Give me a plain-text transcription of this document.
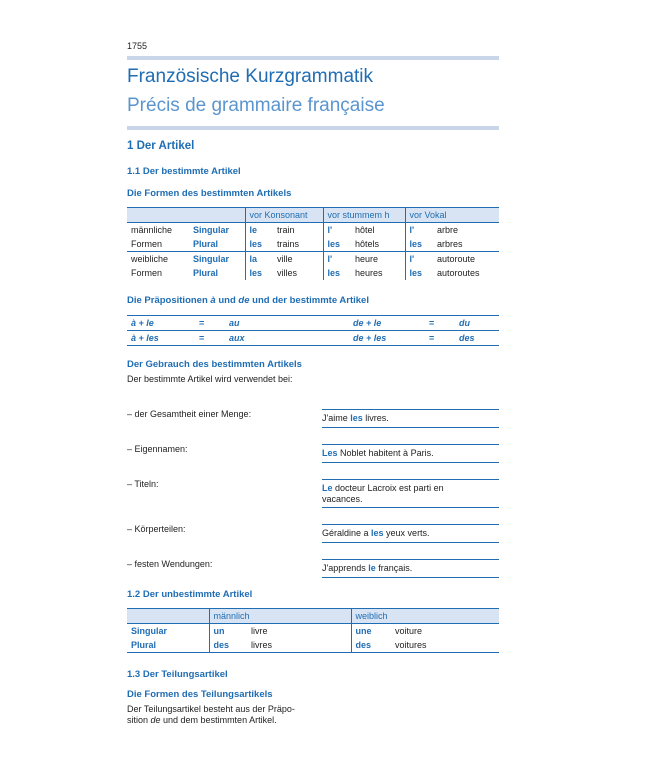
1755
Französische Kurzgrammatik
Précis de grammaire française
1 Der Artikel
1.1 Der bestimmte Artikel
Die Formen des bestimmten Artikels
		vor Konsonant		vor stummem h		vor Vokal	
männliche	Singular	le	train	l'	hôtel	l'	arbre
Formen	Plural	les	trains	les	hôtels	les	arbres
weibliche	Singular	la	ville	l'	heure	l'	autoroute
Formen	Plural	les	villes	les	heures	les	autoroutes
Die Präpositionen à und de und der bestimmte Artikel
à + le	=	au	de + le	=	du
à + les	=	aux	de + les	=	des
Der Gebrauch des bestimmten Artikels
Der bestimmte Artikel wird verwendet bei:
– der Gesamtheit einer Menge:	J'aime les livres.
– Eigennamen:	Les Noblet habitent à Paris.
– Titeln:	Le docteur Lacroix est parti en vacances.
– Körperteilen:	Géraldine a les yeux verts.
– festen Wendungen:	J'apprends le français.
1.2 Der unbestimmte Artikel
	männlich		weiblich	
Singular	un	livre	une	voiture
Plural	des	livres	des	voitures
1.3 Der Teilungsartikel
Die Formen des Teilungsartikels
Der Teilungsartikel besteht aus der Präpo-
sition de und dem bestimmten Artikel.
